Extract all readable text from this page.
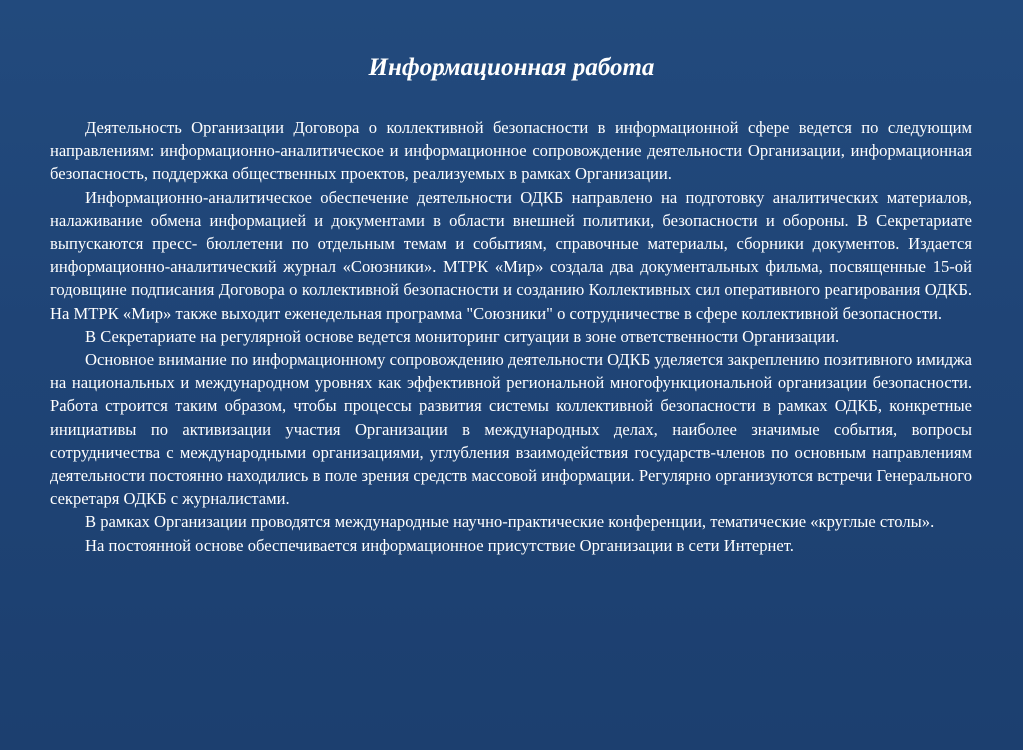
Информационная работа

Деятельность Организации Договора о коллективной безопасности в информационной сфере ведется по следующим направлениям: информационно-аналитическое и информационное сопровождение деятельности Организации, информационная безопасность, поддержка общественных проектов, реализуемых в рамках Организации.

Информационно-аналитическое обеспечение деятельности ОДКБ направлено на подготовку аналитических материалов, налаживание обмена информацией и документами в области внешней политики, безопасности и обороны. В Секретариате выпускаются пресс- бюллетени по отдельным темам и событиям, справочные материалы, сборники документов. Издается информационно-аналитический журнал «Союзники». МТРК «Мир» создала два документальных фильма, посвященные 15-ой годовщине подписания Договора о коллективной безопасности и созданию Коллективных сил оперативного реагирования ОДКБ. На МТРК «Мир» также выходит еженедельная программа "Союзники" о сотрудничестве в сфере коллективной безопасности.

В Секретариате на регулярной основе ведется мониторинг ситуации в зоне ответственности Организации.

Основное внимание по информационному сопровождению деятельности ОДКБ уделяется закреплению позитивного имиджа на национальных и международном уровнях как эффективной региональной многофункциональной организации безопасности. Работа строится таким образом, чтобы процессы развития системы коллективной безопасности в рамках ОДКБ, конкретные инициативы по активизации участия Организации в международных делах, наиболее значимые события, вопросы сотрудничества с международными организациями, углубления взаимодействия государств-членов по основным направлениям деятельности постоянно находились в поле зрения средств массовой информации. Регулярно организуются встречи Генерального секретаря ОДКБ с журналистами.

В рамках Организации проводятся международные научно-практические конференции, тематические «круглые столы».

На постоянной основе обеспечивается информационное присутствие Организации в сети Интернет.
